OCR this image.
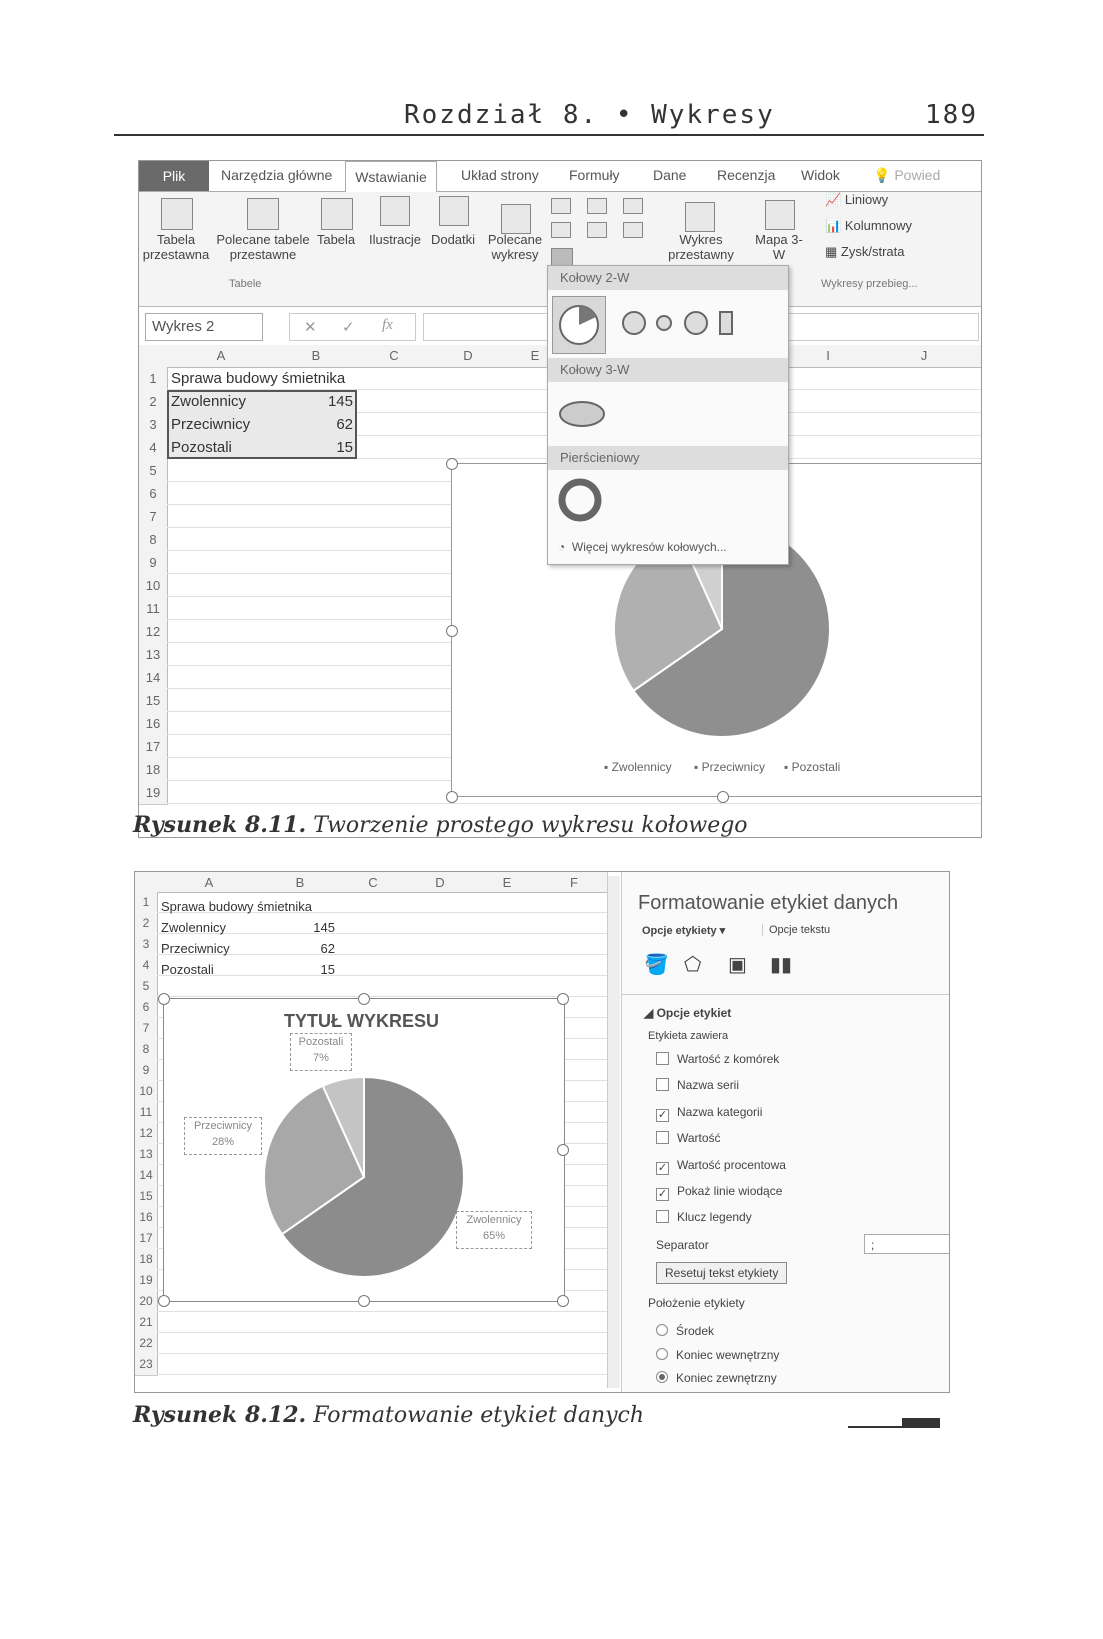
Rozdział 8. • Wykresy	189
Plik	Narzędzia główne	Wstawianie	Układ strony Formuły Dane Recenzja Widok 💡 Powied
Tabela przestawna
Polecane tabele przestawne
Tabela
Tabele
Ilustracje Dodatki Polecane wykresy
Wykres przestawny
Mapa 3-W
📈 Liniowy
📊 Kolumnowy
▦ Zysk/strata
Wykresy przebieg...
Wykres 2	✕ ✓ fx
A	B	C	D	E	I	J
1
2
3
4
5
6
7
8
9
10
11
12
13
14
15
16
17
18
19
Sprawa budowy śmietnika
Zwolennicy	145
Przeciwnicy	62
Pozostali	15
▪ Zwolennicy ▪ Przeciwnicy ▪ Pozostali
Kołowy 2-W
Kołowy 3-W
Pierścieniowy
◔ Więcej wykresów kołowych...
Rysunek 8.11. Tworzenie prostego wykresu kołowego
A	B	C	D	E	F
1
2
3
4
5
6
7
8
9
10
11
12
13
14
15
16
17
18
19
20
21
22
23
Sprawa budowy śmietnika
Zwolennicy	145
Przeciwnicy	62
Pozostali	15
TYTUŁ WYKRESU
Pozostali
7%
Przeciwnicy
28%
Zwolennicy
65%
Formatowanie etykiet danych
Opcje etykiety ▾	Opcje tekstu
🪣 ⬠ ▣ ▮▮
◢ Opcje etykiet
Etykieta zawiera
Wartość z komórek
Nazwa serii
✓ Nazwa kategorii
Wartość
✓ Wartość procentowa
✓ Pokaż linie wiodące
Klucz legendy
Separator	;
Resetuj tekst etykiety
Położenie etykiety
Środek
Koniec wewnętrzny
Koniec zewnętrzny
Rysunek 8.12. Formatowanie etykiet danych
